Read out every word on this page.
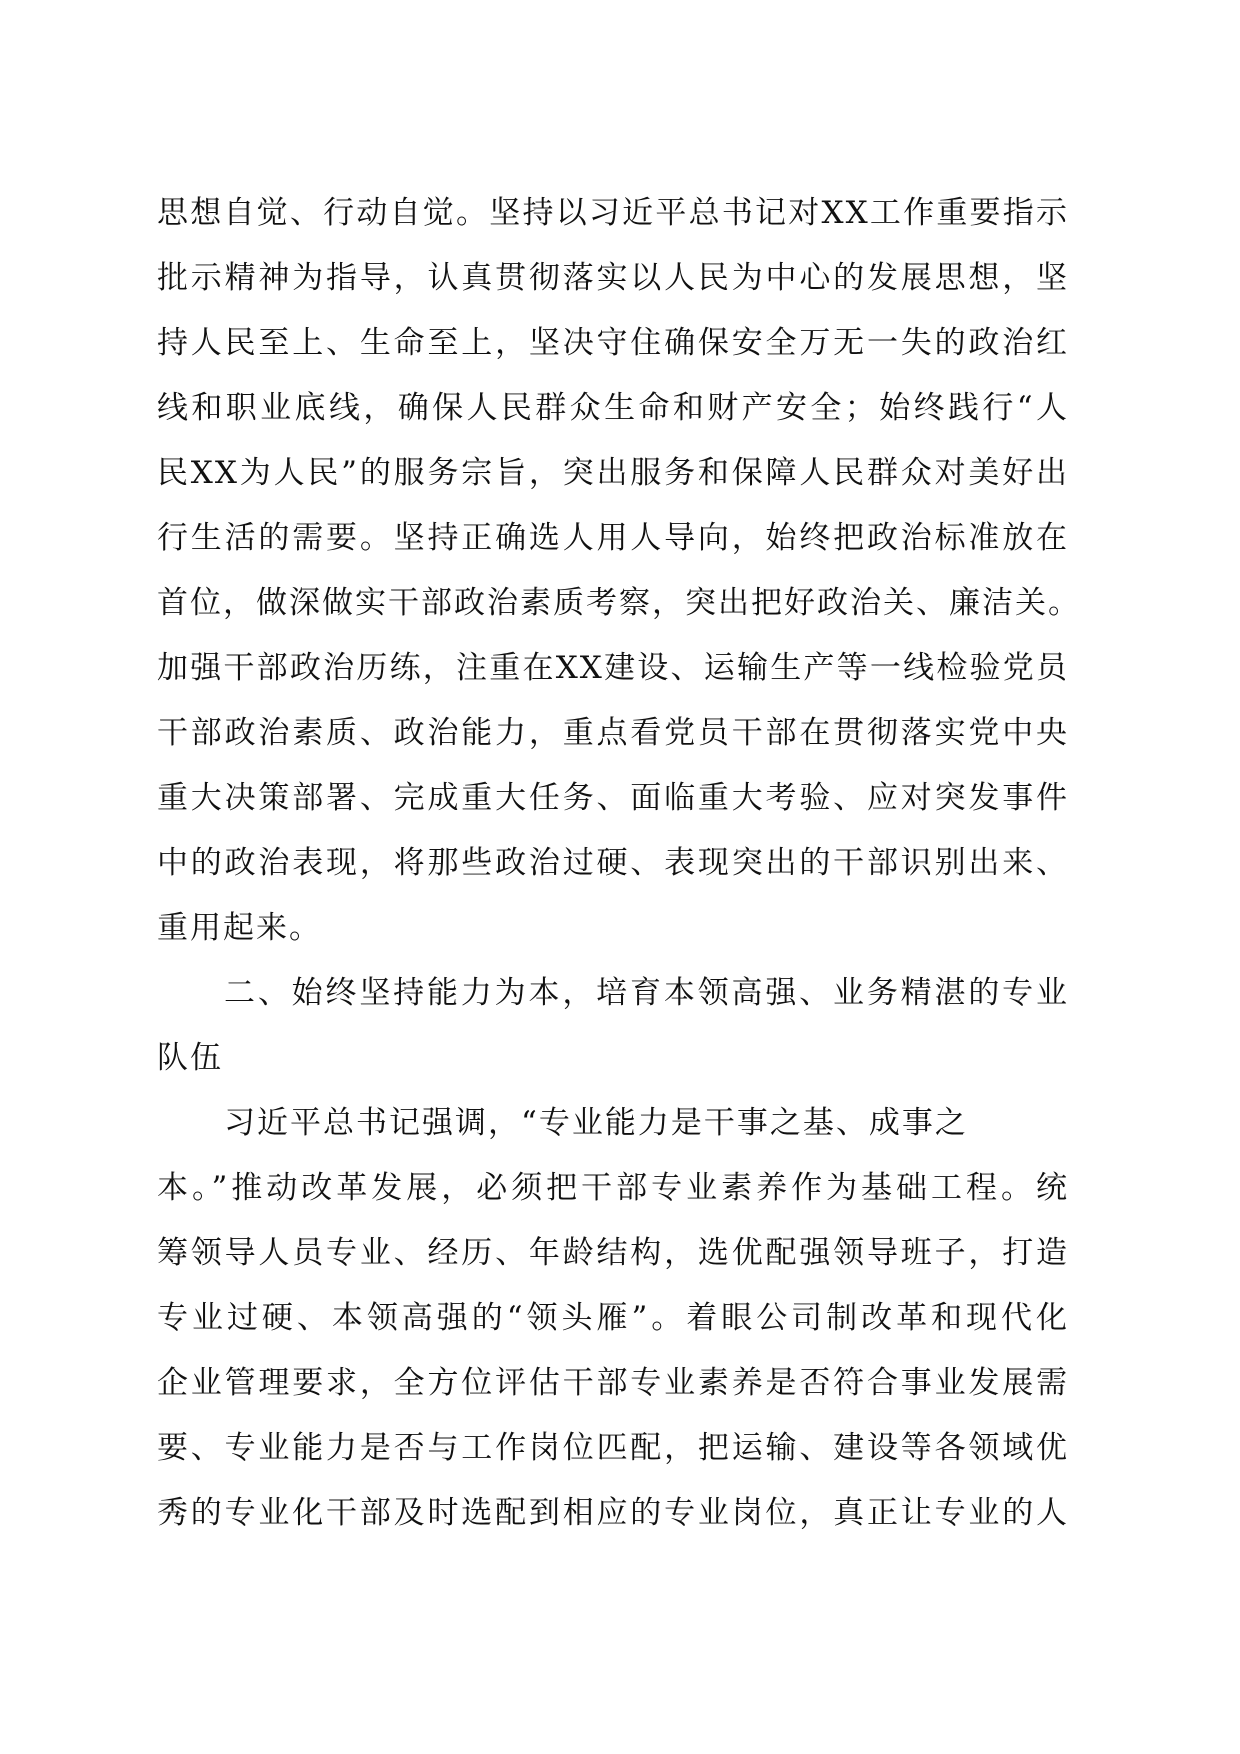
思想自觉、行动自觉。坚持以习近平总书记对XX工作重要指示
批示精神为指导，认真贯彻落实以人民为中心的发展思想，坚
持人民至上、生命至上，坚决守住确保安全万无一失的政治红
线和职业底线，确保人民群众生命和财产安全；始终践行“人
民XX为人民”的服务宗旨，突出服务和保障人民群众对美好出
行生活的需要。坚持正确选人用人导向，始终把政治标准放在
首位，做深做实干部政治素质考察，突出把好政治关、廉洁关。
加强干部政治历练，注重在XX建设、运输生产等一线检验党员
干部政治素质、政治能力，重点看党员干部在贯彻落实党中央
重大决策部署、完成重大任务、面临重大考验、应对突发事件
中的政治表现，将那些政治过硬、表现突出的干部识别出来、
重用起来。
二、始终坚持能力为本，培育本领高强、业务精湛的专业
队伍
习近平总书记强调，“专业能力是干事之基、成事之
本。”推动改革发展，必须把干部专业素养作为基础工程。统
筹领导人员专业、经历、年龄结构，选优配强领导班子，打造
专业过硬、本领高强的“领头雁”。着眼公司制改革和现代化
企业管理要求，全方位评估干部专业素养是否符合事业发展需
要、专业能力是否与工作岗位匹配，把运输、建设等各领域优
秀的专业化干部及时选配到相应的专业岗位，真正让专业的人
